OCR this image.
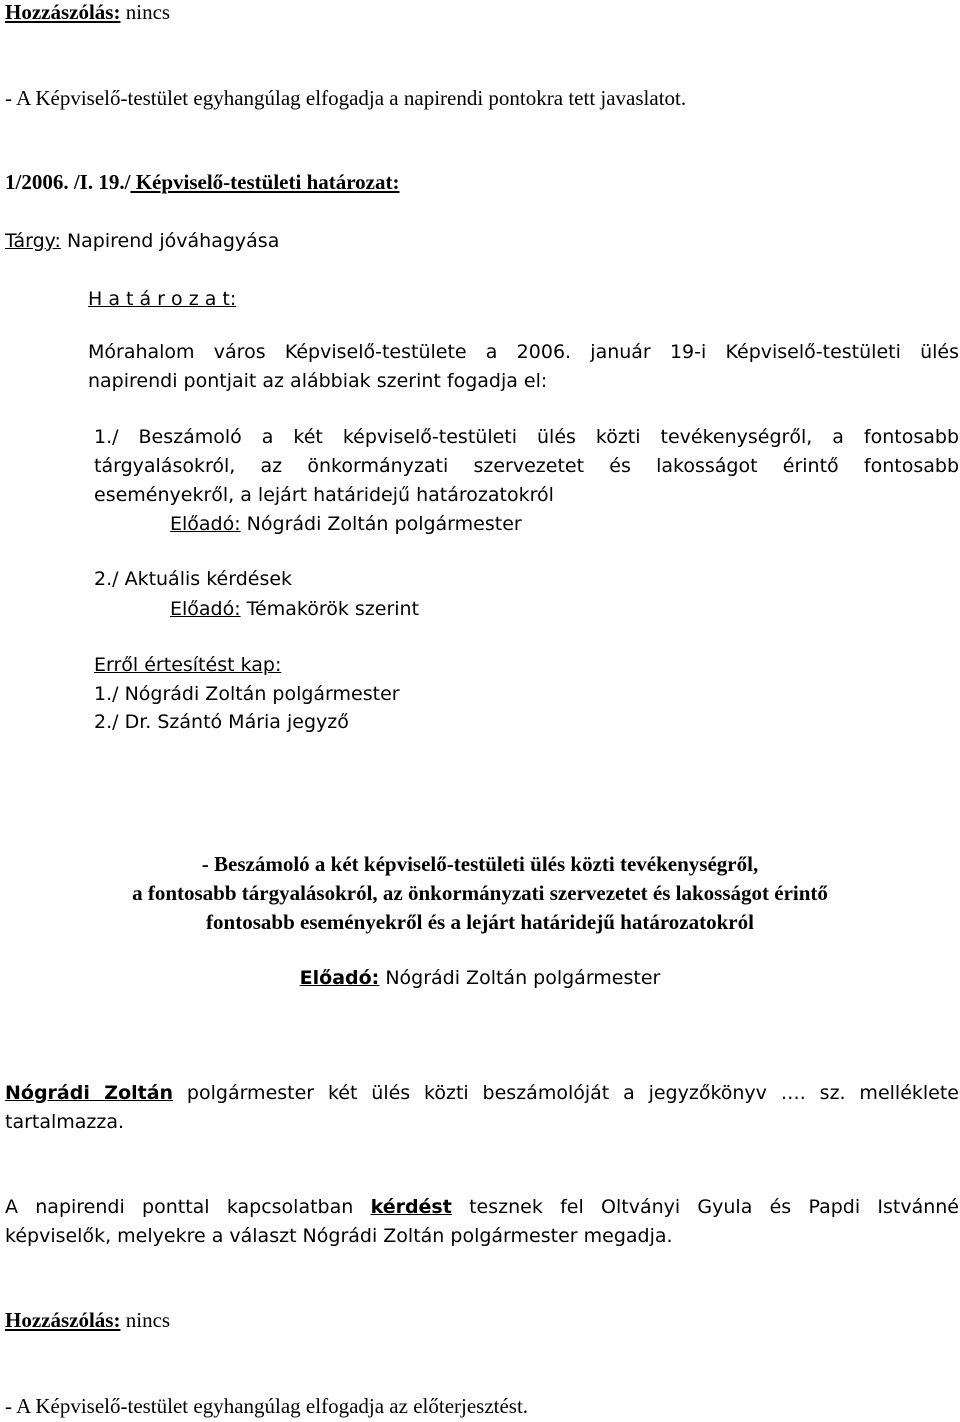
Hozzászólás: nincs
- A Képviselő-testület egyhangúlag elfogadja a napirendi pontokra tett javaslatot.
1/2006. /I. 19./ Képviselő-testületi határozat:
Tárgy: Napirend jóváhagyása
H a t á r o z a t:
Mórahalom város Képviselő-testülete a 2006. január 19-i Képviselő-testületi ülés
napirendi pontjait az alábbiak szerint fogadja el:
1./ Beszámoló a két képviselő-testületi ülés közti tevékenységről, a fontosabb
tárgyalásokról, az önkormányzati szervezetet és lakosságot érintő fontosabb
eseményekről, a lejárt határidejű határozatokról
Előadó: Nógrádi Zoltán polgármester
2./ Aktuális kérdések
Előadó: Témakörök szerint
Erről értesítést kap:
1./ Nógrádi Zoltán polgármester
2./ Dr. Szántó Mária jegyző
- Beszámoló a két képviselő-testületi ülés közti tevékenységről,
a fontosabb tárgyalásokról, az önkormányzati szervezetet és lakosságot érintő
fontosabb eseményekről és a lejárt határidejű határozatokról
Előadó: Nógrádi Zoltán polgármester
Nógrádi Zoltán polgármester két ülés közti beszámolóját a jegyzőkönyv …. sz. melléklete
tartalmazza.
A napirendi ponttal kapcsolatban kérdést tesznek fel Oltványi Gyula és Papdi Istvánné
képviselők, melyekre a választ Nógrádi Zoltán polgármester megadja.
Hozzászólás: nincs
- A Képviselő-testület egyhangúlag elfogadja az előterjesztést.
